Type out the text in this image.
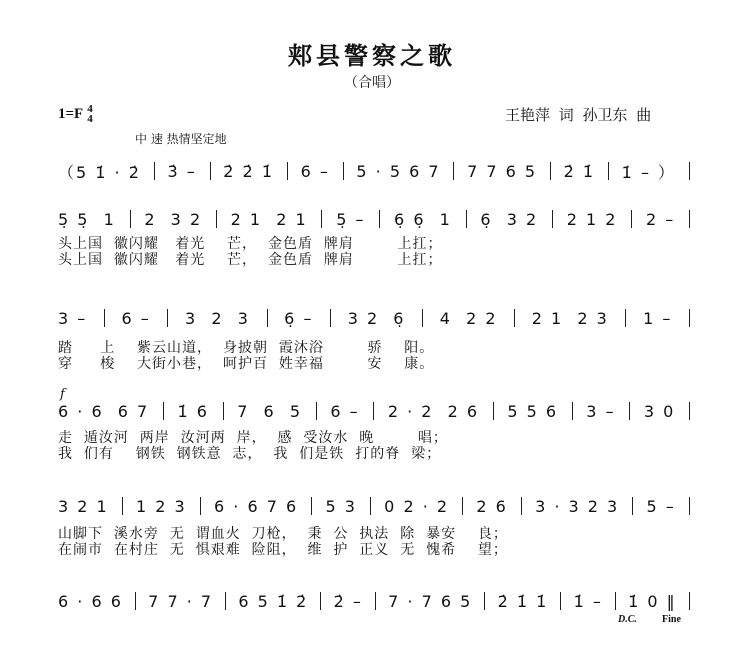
郏县警察之歌
（合唱）
1=F 4
4	王艳萍 词 孙卫东 曲
中 速 热情坚定地
f
D.C.	Fine
（5 1̇ · 2̇ 3̇ – 2̇ 2̇ 1̇ 6 – 5 · 5 6 7 7 7 6 5 2̇ 1̇ 1̇ – ）
5̣ 5̣  1 2  3 2 2 1  2 1 5̣ – 6̣ 6̣  1 6̣  3 2 2 1 2 2 –
头上国  徽闪耀   着光    芒，  金色盾  牌肩        上扛；
头上国  徽闪耀   着光    芒，  金色盾  牌肩        上扛；
3 – 6 – 3  2  3 6̣ – 3 2  6̣ 4  2 2 2 1  2 3 1 –
踏     上    紫云山道，  身披朝  霞沐浴        骄    阳。
穿     梭    大街小巷，  呵护百  姓幸福        安    康。
6 · 6  6 7 1̇ 6 7  6  5 6 – 2 · 2  2 6 5 5 6 3 – 3 0
走  遁汝河  两岸  汝河两  岸，  感  受汝水  晚        唱；
我  们有    钢铁  钢铁意  志，  我  们是铁  打的脊  梁；
3 2 1 1 2 3 6 · 6 7 6 5 3 0 2 · 2 2 6 3 · 3 2 3 5 –
山脚下  溪水旁  无  谓血火  刀枪，  秉  公  执法  除  暴安    良；
在闹市  在村庄  无  惧艰难  险阻，  维  护  正义  无  愧希    望；
6 · 6 6 7 7 · 7 6 5 1̇ 2̇ 2̇ – 7 · 7 6 5 2̇ 1̇ 1̇ 1̇ – 1̇ 0 ‖
